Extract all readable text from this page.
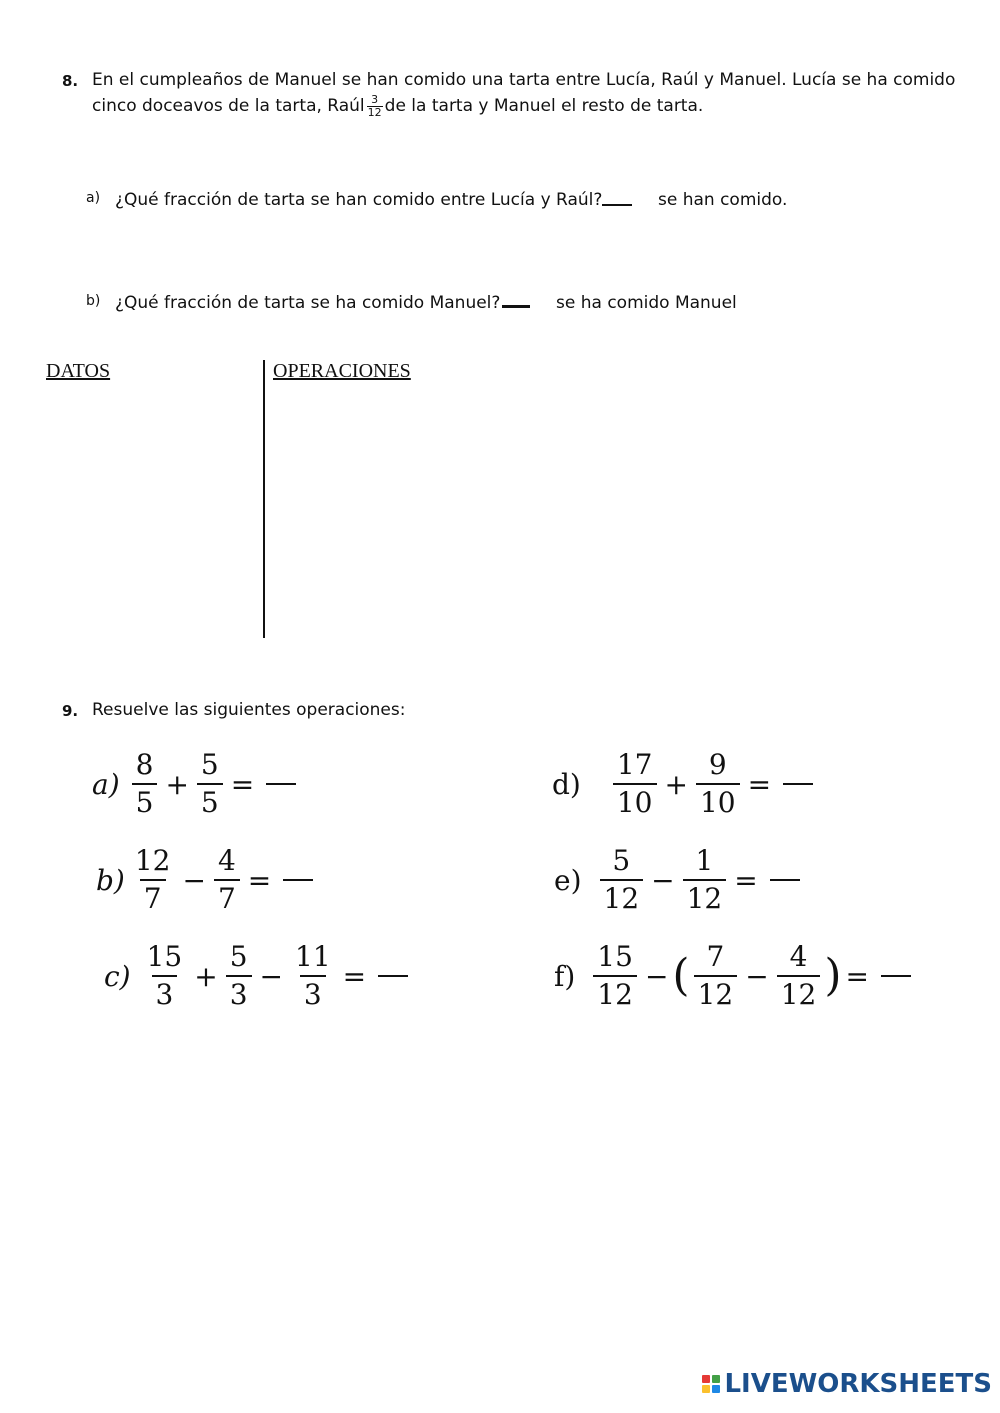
8. En el cumpleaños de Manuel se han comido una tarta entre Lucía, Raúl y Manuel. Lucía se ha comido
cinco doceavos de la tarta, Raúl $\frac{3}{12}$ de la tarta y Manuel el resto de tarta.
a) ¿Qué fracción de tarta se han comido entre Lucía y Raúl?	se han comido.
b) ¿Qué fracción de tarta se ha comido Manuel?	se ha comido Manuel
DATOS	OPERACIONES
9. Resuelve las siguientes operaciones:
$a) \frac{8}{5} + \frac{5}{5}$ =
$b) \frac{12}{7} - \frac{4}{7}$ =
$c) \frac{15}{3} + \frac{5}{3} - \frac{11}{3}$ =
$d) \frac{17}{10} + \frac{9}{10}$ =
$e) \frac{5}{12} - \frac{1}{12}$ =
$f) \frac{15}{12}$ − ( $\frac{7}{12} - \frac{4}{12}$ ) =
LIVEWORKSHEETS
